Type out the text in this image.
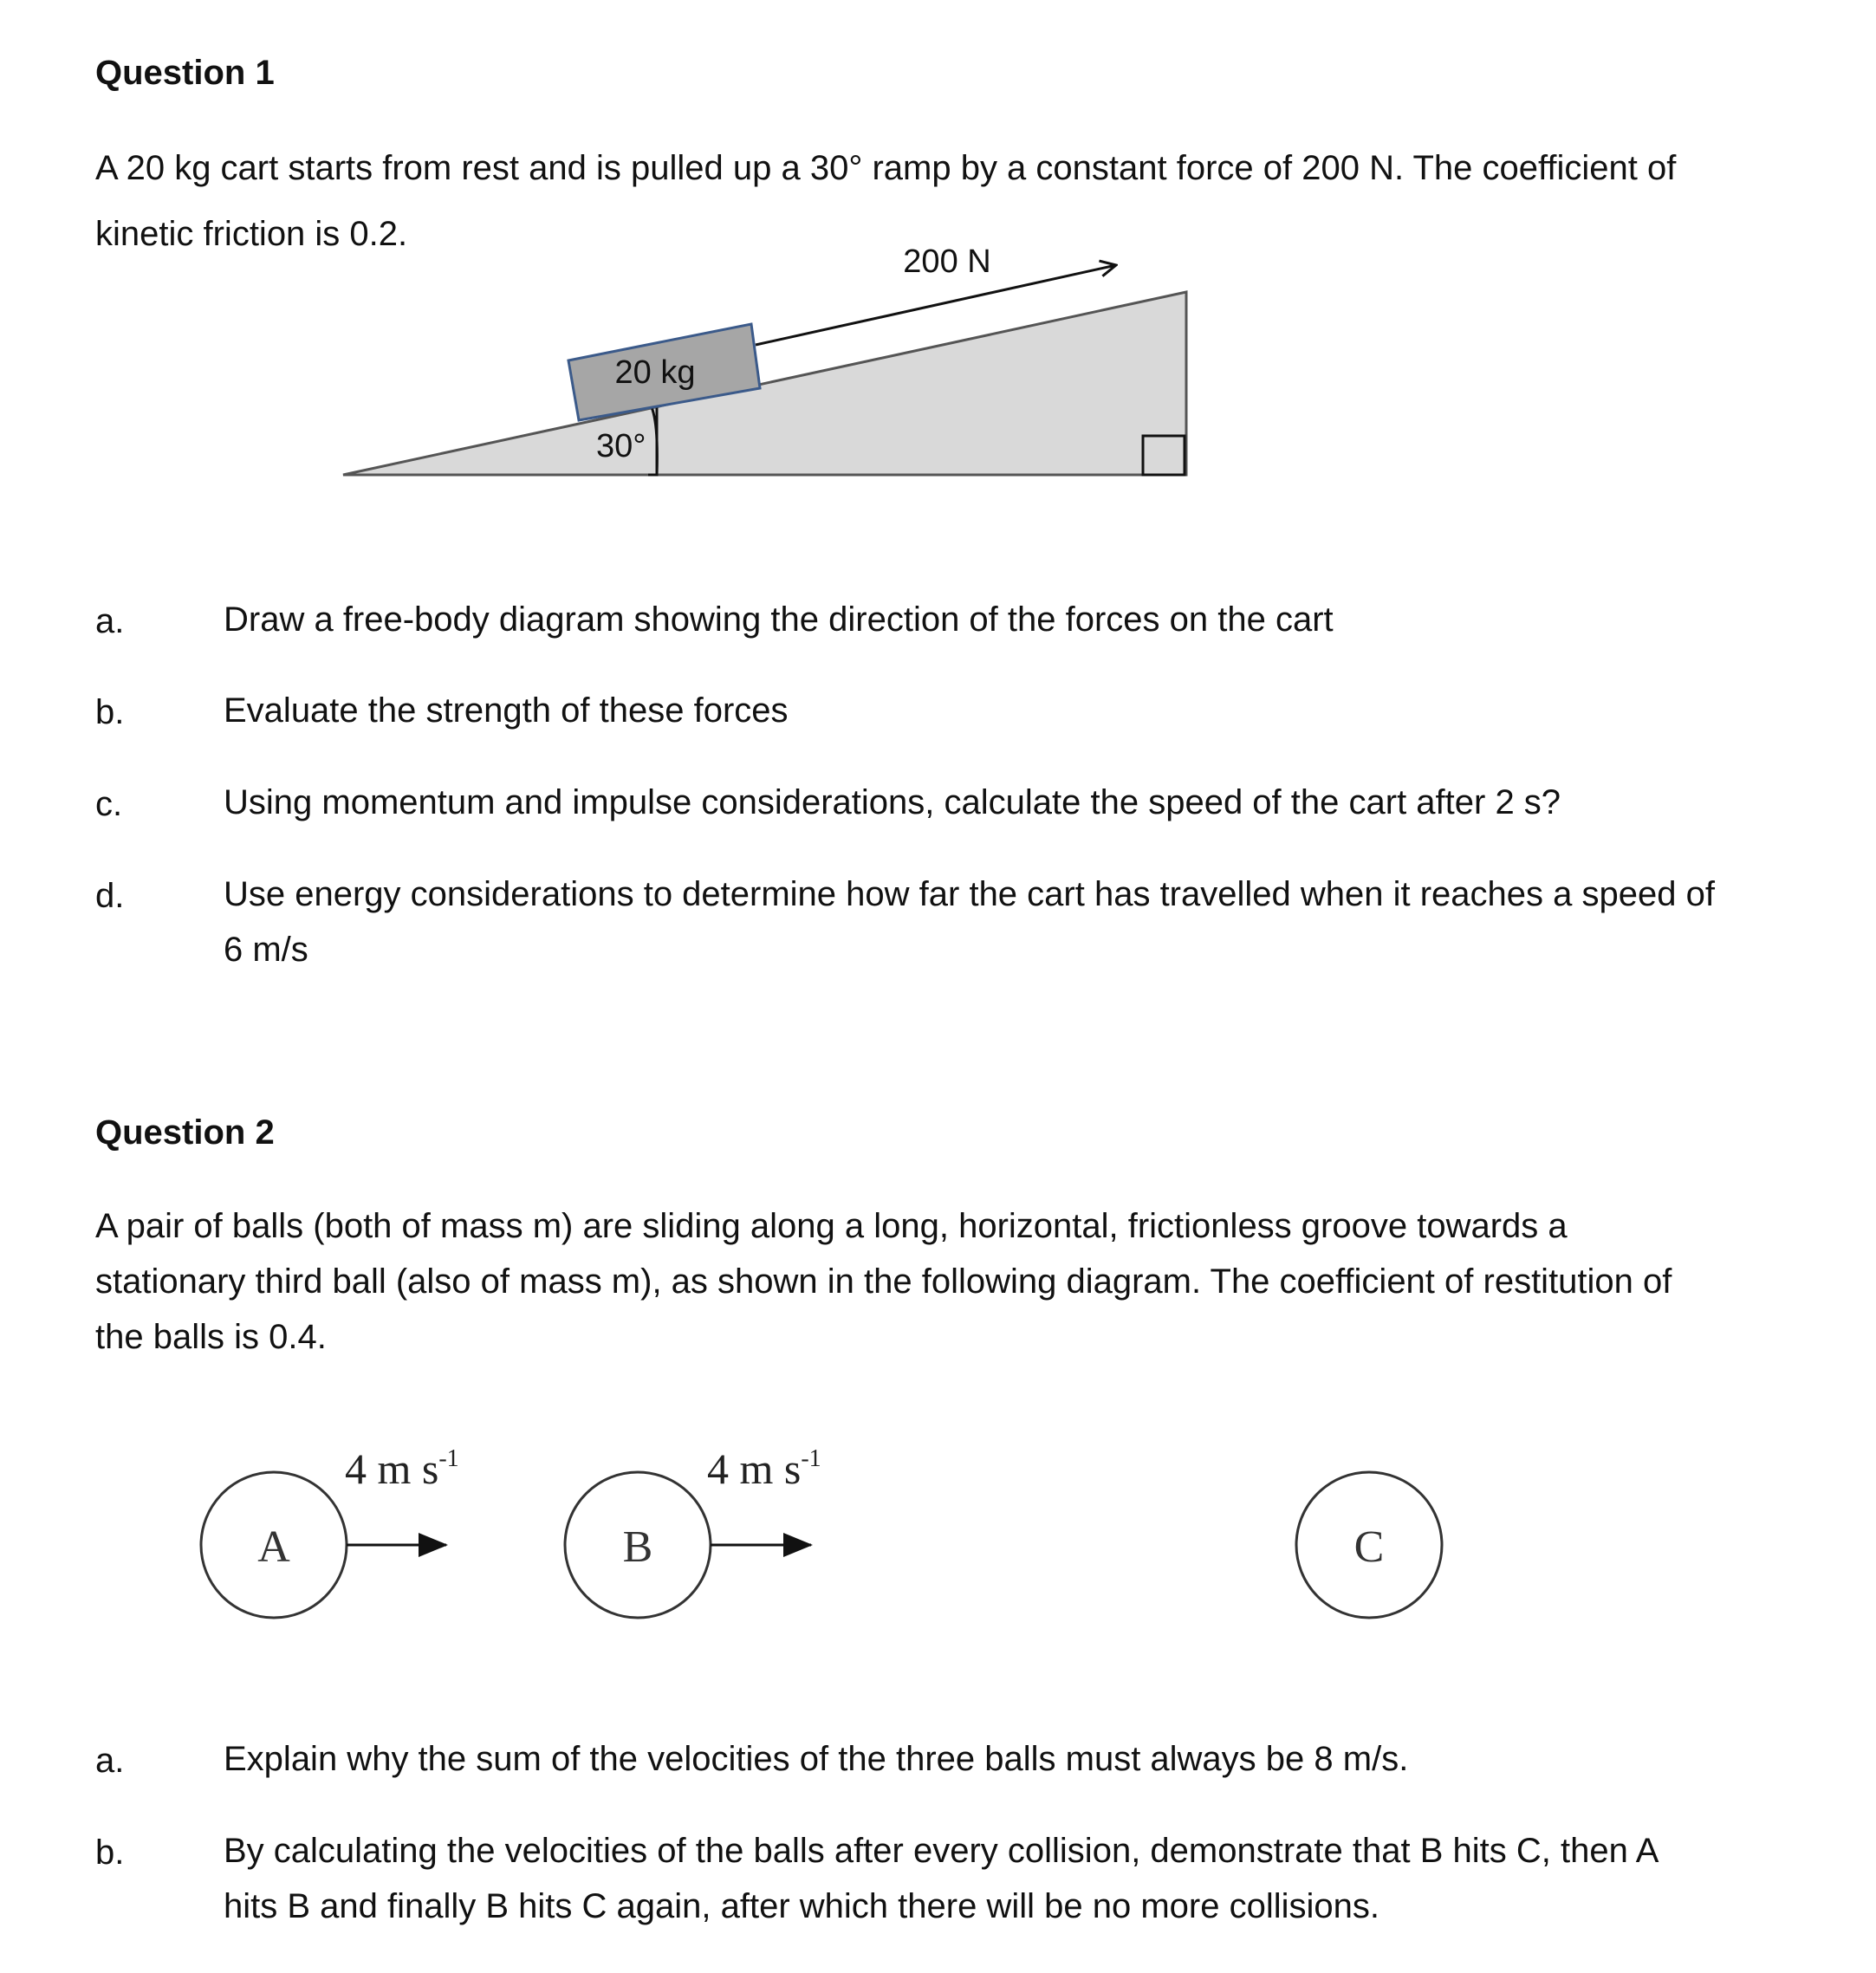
Question 1
A 20 kg cart starts from rest and is pulled up a 30° ramp by a constant force of 200 N. The coefficient of
kinetic friction is 0.2.
20 kg
30°
200 N
a.	Draw a free-body diagram showing the direction of the forces on the cart
b.	Evaluate the strength of these forces
c.	Using momentum and impulse considerations, calculate the speed of the cart after 2 s?
d.	Use energy considerations to determine how far the cart has travelled when it reaches a speed of
6 m/s
Question 2
A pair of balls (both of mass m) are sliding along a long, horizontal, frictionless groove towards a
stationary third ball (also of mass m), as shown in the following diagram. The coefficient of restitution of
the balls is 0.4.
A
4 m $s^{-1}$
B
4 m $s^{-1}$
C
a.	Explain why the sum of the velocities of the three balls must always be 8 m/s.
b.	By calculating the velocities of the balls after every collision, demonstrate that B hits C, then A
hits B and finally B hits C again, after which there will be no more collisions.
